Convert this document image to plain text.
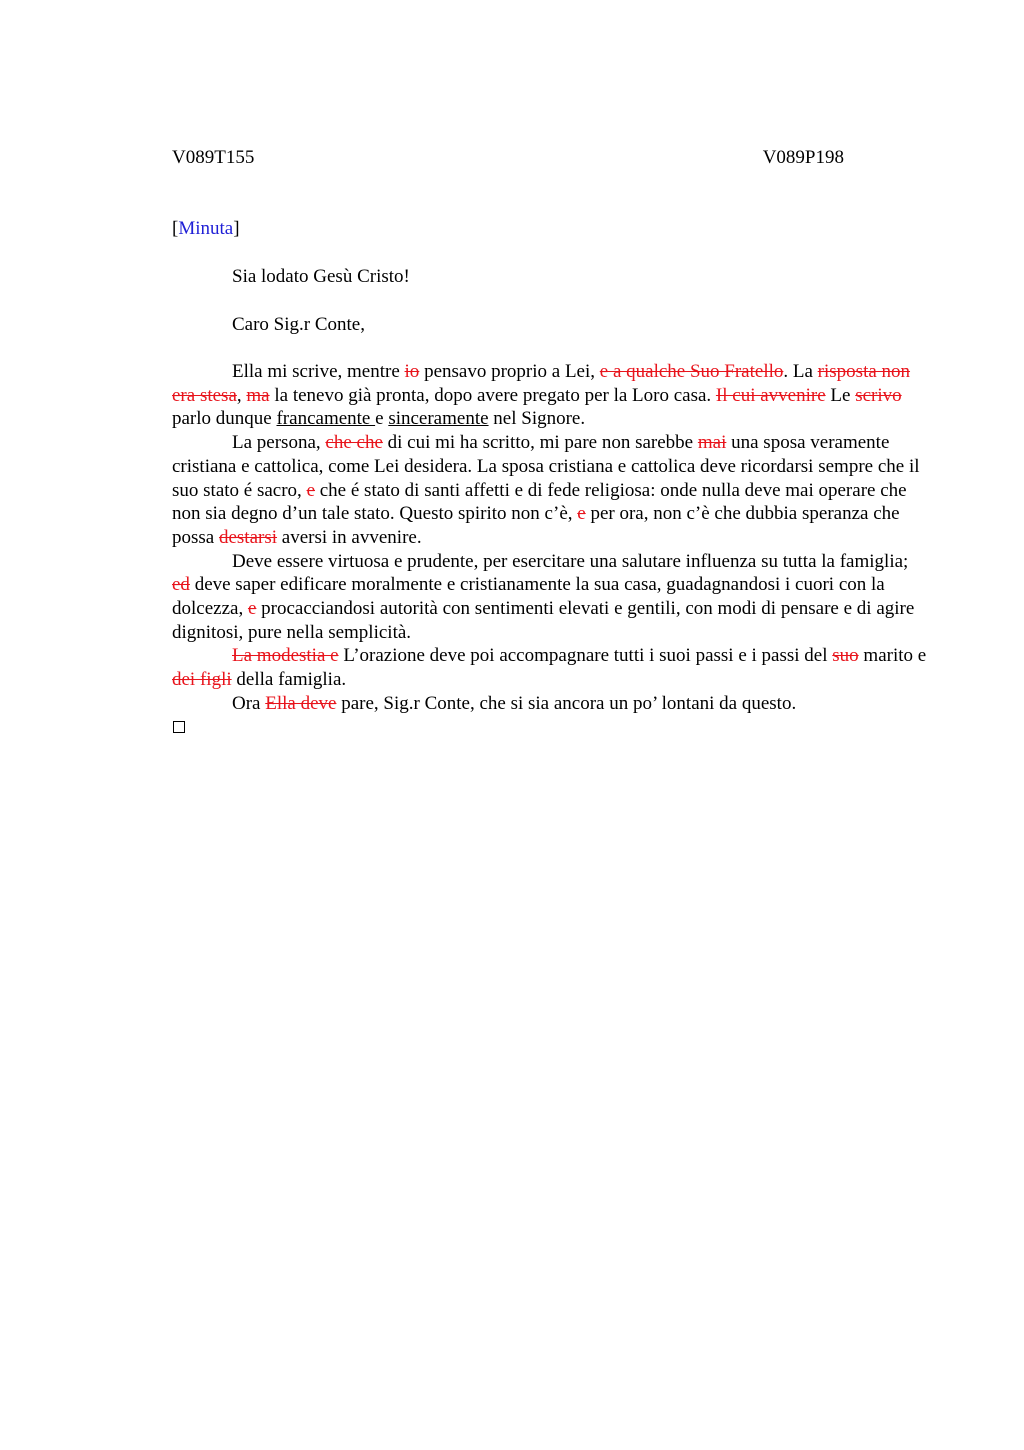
V089T155	V089P198
[Minuta]
Sia lodato Gesù Cristo!
Caro Sig.r Conte,

Ella mi scrive, mentre io pensavo proprio a Lei, e a qualche Suo Fratello. La risposta non era stesa, ma la tenevo già pronta, dopo avere pregato per la Loro casa. Il cui avvenire Le scrivo parlo dunque francamente e sinceramente nel Signore.

La persona, che che di cui mi ha scritto, mi pare non sarebbe mai una sposa veramente cristiana e cattolica, come Lei desidera. La sposa cristiana e cattolica deve ricordarsi sempre che il suo stato é sacro, e che é stato di santi affetti e di fede religiosa: onde nulla deve mai operare che non sia degno d’un tale stato. Questo spirito non c’è, e per ora, non c’è che dubbia speranza che possa destarsi aversi in avvenire.

Deve essere virtuosa e prudente, per esercitare una salutare influenza su tutta la famiglia; ed deve saper edificare moralmente e cristianamente la sua casa, guadagnandosi i cuori con la dolcezza, e procacciandosi autorità con sentimenti elevati e gentili, con modi di pensare e di agire dignitosi, pure nella semplicità.

La modestia e L’orazione deve poi accompagnare tutti i suoi passi e i passi del suo marito e dei figli della famiglia.

Ora Ella deve pare, Sig.r Conte, che si sia ancora un po’ lontani da questo.
